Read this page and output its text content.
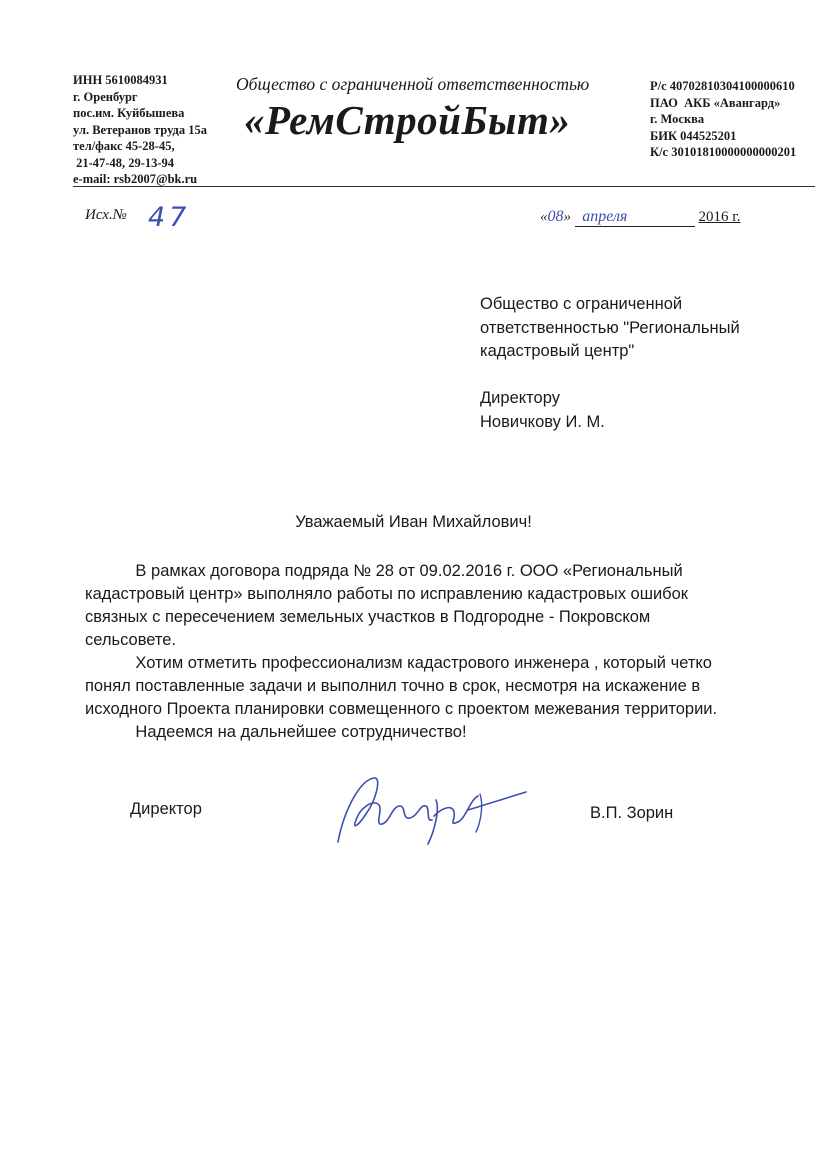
ИНН 5610084931
г. Оренбург
пос.им. Куйбышева
ул. Ветеранов труда 15а
тел/факс 45-28-45,
21-47-48, 29-13-94
e-mail: rsb2007@bk.ru
Общество с ограниченной ответственностью
«РемСтройБыт»
Р/с 40702810304100000610
ПАО  АКБ «Авангард»
г. Москва
БИК 044525201
К/с 30101810000000000201
Исх.№ 47	«08» апреля	2016 г.
Общество с ограниченной
ответственностью "Региональный
кадастровый центр"
Директору
Новичкову И. М.
Уважаемый Иван Михайлович!
В рамках договора подряда № 28 от 09.02.2016 г. ООО «Региональный
кадастровый центр» выполняло работы по исправлению кадастровых ошибок
связных с пересечением земельных участков в Подгородне - Покровском
сельсовете.
Хотим отметить профессионализм кадастрового инженера , который четко
понял поставленные задачи и выполнил точно в срок, несмотря на искажение в
исходного Проекта планировки совмещенного с проектом межевания территории.
Надеемся на дальнейшее сотрудничество!
Директор	В.П. Зорин
